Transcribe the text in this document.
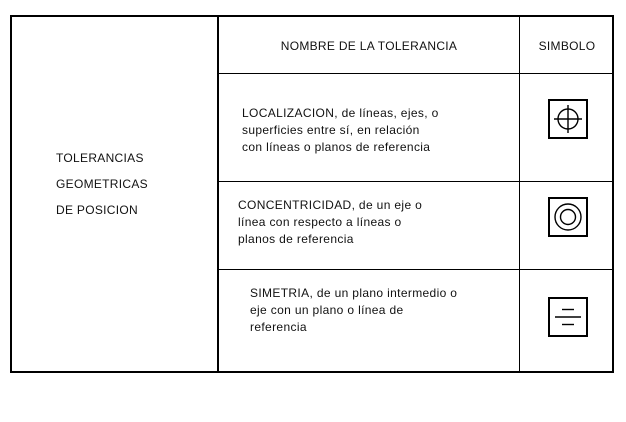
TOLERANCIAS
GEOMETRICAS
DE POSICION
NOMBRE DE LA TOLERANCIA	SIMBOLO
LOCALIZACION, de líneas, ejes, o
superficies entre sí, en relación
con líneas o planos de referencia
CONCENTRICIDAD, de un eje o
línea con respecto a líneas o
planos de referencia
SIMETRIA, de un plano intermedio o
eje con un plano o línea de
referencia
